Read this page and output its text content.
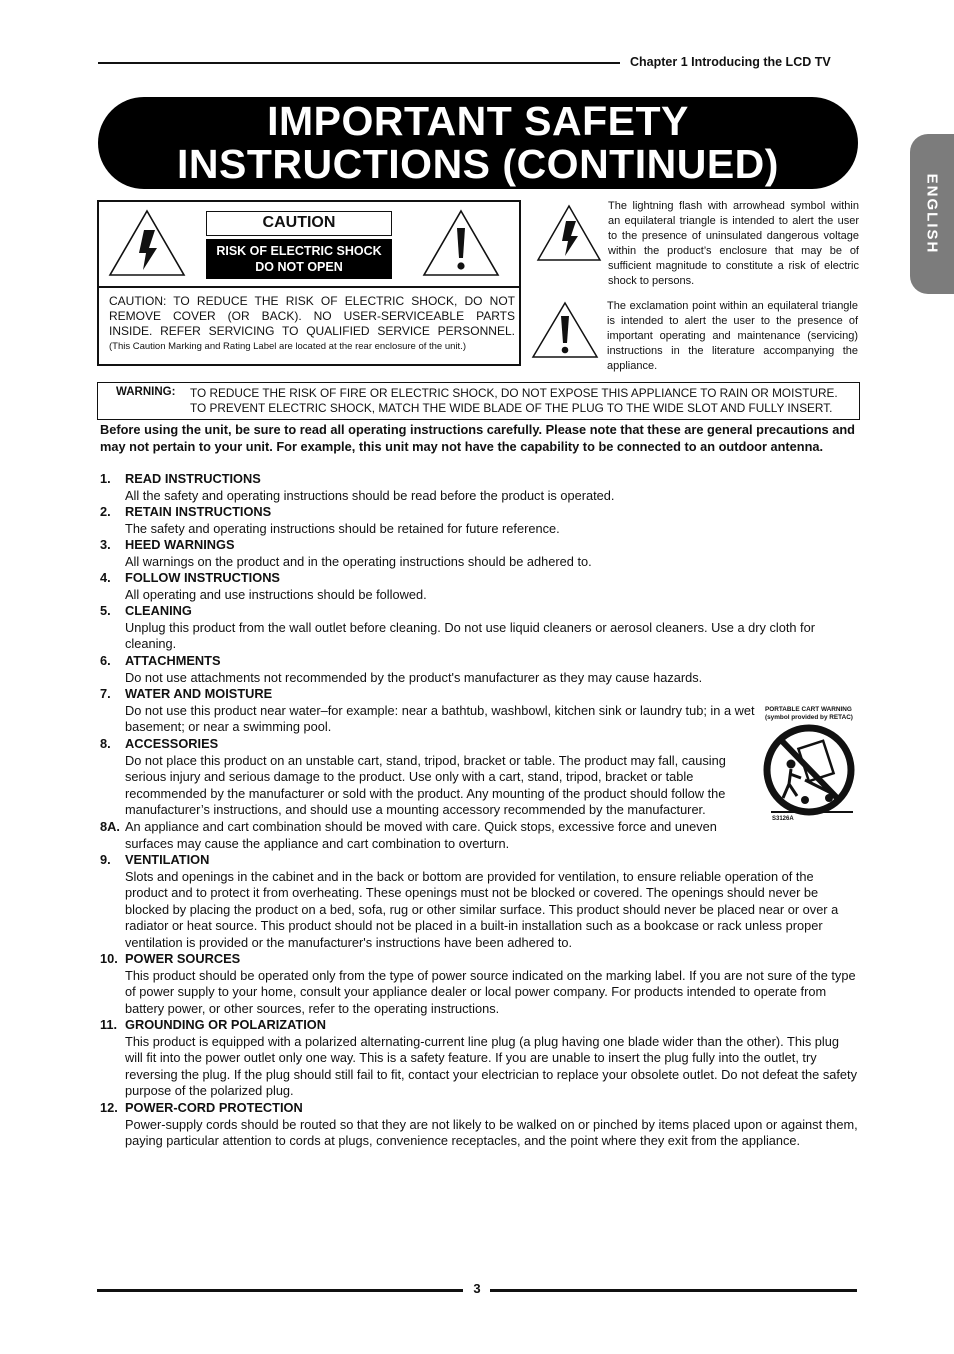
Chapter 1 Introducing the LCD TV
IMPORTANT SAFETY
INSTRUCTIONS (CONTINUED)
ENGLISH
CAUTION
RISK OF ELECTRIC SHOCK
DO NOT OPEN
CAUTION: TO REDUCE THE RISK OF ELECTRIC SHOCK, DO NOT
REMOVE COVER (OR BACK). NO USER-SERVICEABLE PARTS
INSIDE. REFER SERVICING TO QUALIFIED SERVICE PERSONNEL.
(This Caution Marking and Rating Label are located at the rear enclosure of the unit.)
The lightning flash with arrowhead symbol within an equilateral triangle is intended to alert the user to the presence of uninsulated dangerous voltage within the product’s enclosure that may be of sufficient magnitude to constitute a risk of electric shock to persons.
The exclamation point within an equilateral triangle is intended to alert the user to the presence of important operating and maintenance (servicing) instructions in the literature accompanying the appliance.
WARNING: TO REDUCE THE RISK OF FIRE OR ELECTRIC SHOCK, DO NOT EXPOSE THIS APPLIANCE TO RAIN OR MOISTURE.
TO PREVENT ELECTRIC SHOCK, MATCH THE WIDE BLADE OF THE PLUG TO THE WIDE SLOT AND FULLY INSERT.
Before using the unit, be sure to read all operating instructions carefully. Please note that these are general precautions and may not pertain to your unit. For example, this unit may not have the capability to be connected to an outdoor antenna.
1. READ INSTRUCTIONS
All the safety and operating instructions should be read before the product is operated.
2. RETAIN INSTRUCTIONS
The safety and operating instructions should be retained for future reference.
3. HEED WARNINGS
All warnings on the product and in the operating instructions should be adhered to.
4. FOLLOW INSTRUCTIONS
All operating and use instructions should be followed.
5. CLEANING
Unplug this product from the wall outlet before cleaning. Do not use liquid cleaners or aerosol cleaners. Use a dry cloth for cleaning.
6. ATTACHMENTS
Do not use attachments not recommended by the product's manufacturer as they may cause hazards.
7. WATER AND MOISTURE
Do not use this product near water–for example: near a bathtub, washbowl, kitchen sink or laundry tub; in a wet basement; or near a swimming pool.
8. ACCESSORIES
Do not place this product on an unstable cart, stand, tripod, bracket or table. The product may fall, causing serious injury and serious damage to the product. Use only with a cart, stand, tripod, bracket or table recommended by the manufacturer or sold with the product. Any mounting of the product should follow the manufacturer’s instructions, and should use a mounting accessory recommended by the manufacturer.
8A. An appliance and cart combination should be moved with care. Quick stops, excessive force and uneven surfaces may cause the appliance and cart combination to overturn.
9. VENTILATION
Slots and openings in the cabinet and in the back or bottom are provided for ventilation, to ensure reliable operation of the product and to protect it from overheating. These openings must not be blocked or covered. The openings should never be blocked by placing the product on a bed, sofa, rug or other similar surface. This product should never be placed near or over a radiator or heat source. This product should not be placed in a built-in installation such as a bookcase or rack unless proper ventilation is provided or the manufacturer's instructions have been adhered to.
10. POWER SOURCES
This product should be operated only from the type of power source indicated on the marking label. If you are not sure of the type of power supply to your home, consult your appliance dealer or local power company. For products intended to operate from battery power, or other sources, refer to the operating instructions.
11. GROUNDING OR POLARIZATION
This product is equipped with a polarized alternating-current line plug (a plug having one blade wider than the other). This plug will fit into the power outlet only one way. This is a safety feature. If you are unable to insert the plug fully into the outlet, try reversing the plug. If the plug should still fail to fit, contact your electrician to replace your obsolete outlet. Do not defeat the safety purpose of the polarized plug.
12. POWER-CORD PROTECTION
Power-supply cords should be routed so that they are not likely to be walked on or pinched by items placed upon or against them, paying particular attention to cords at plugs, convenience receptacles, and the point where they exit from the appliance.
PORTABLE CART WARNING
(symbol provided by RETAC)
S3126A
3
